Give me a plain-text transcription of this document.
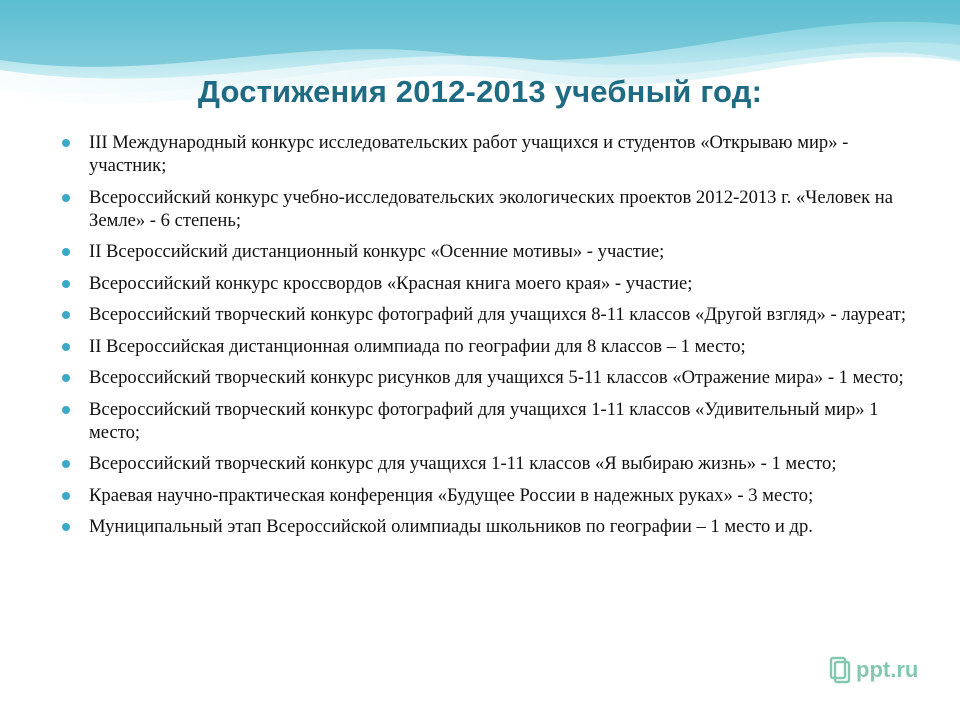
Достижения 2012-2013 учебный год:
III Международный конкурс исследовательских работ учащихся и студентов «Открываю мир» - участник;
Всероссийский конкурс учебно-исследовательских экологических проектов 2012-2013 г. «Человек на Земле» - 6 степень;
II Всероссийский дистанционный конкурс «Осенние мотивы» - участие;
Всероссийский конкурс кроссвордов «Красная книга моего края» - участие;
Всероссийский творческий конкурс фотографий для учащихся 8-11 классов «Другой взгляд» - лауреат;
II Всероссийская дистанционная олимпиада по географии для 8 классов – 1 место;
Всероссийский творческий конкурс рисунков для учащихся 5-11 классов «Отражение мира» - 1 место;
Всероссийский творческий конкурс фотографий для учащихся 1-11 классов «Удивительный мир» 1 место;
Всероссийский творческий конкурс для учащихся 1-11 классов «Я выбираю жизнь» - 1 место;
Краевая научно-практическая конференция «Будущее России в надежных руках» - 3 место;
Муниципальный этап Всероссийской олимпиады школьников по географии – 1 место и др.
ppt.ru
